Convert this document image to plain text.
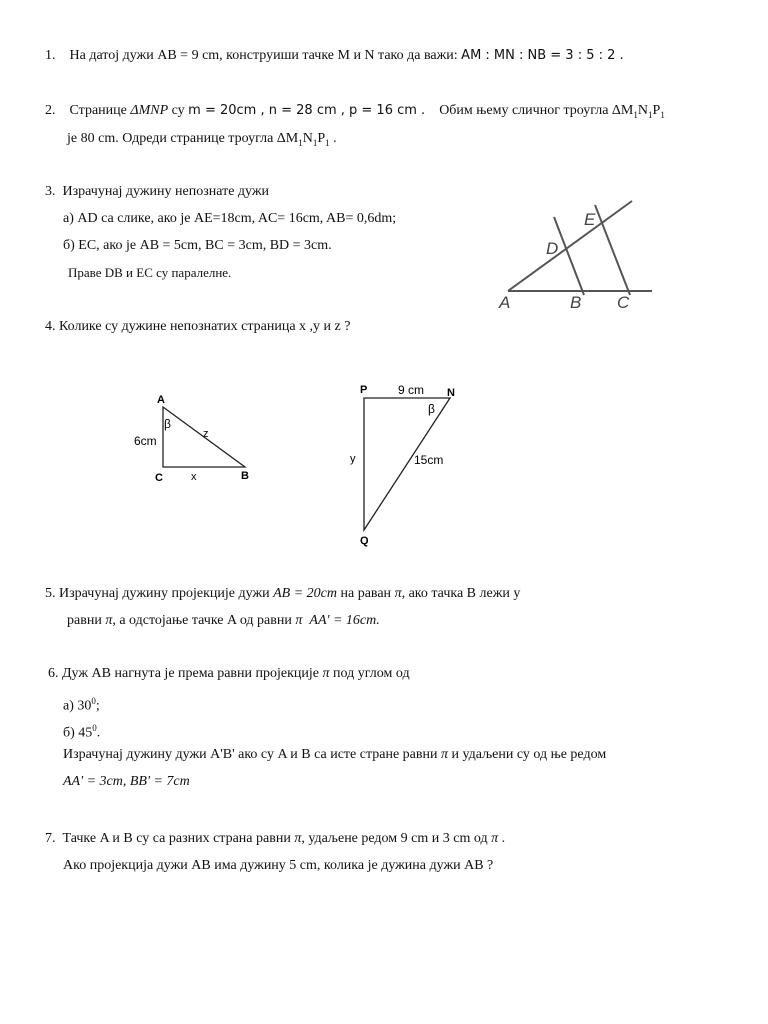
1. На датој дужи AB = 9 cm, конструиши тачке M и N тако да важи: AM : MN : NB = 3 : 5 : 2 .
2. Странице ΔMNP су m = 20cm , n = 28 cm , p = 16 cm . Обим њему сличног троугла $\Delta M_1N_1P_1$
је 80 cm. Одреди странице троугла $\Delta M_1N_1P_1$ .
3. Израчунај дужину непознате дужи
а) AD са слике, ако је AE=18cm, AC= 16cm, AB= 0,6dm;
б) EC, ако је AB = 5cm, BC = 3cm, BD = 3cm.
Праве DB и EC су паралелне.
A	B C
D
E
4. Колике су дужине непознатих страница x ,y и z ?
A
C	B
β
6cm	z
x
P	N
Q
9 cm
β
y	15cm
5. Израчунај дужину пројекције дужи AB = 20cm на раван π, ако тачка B лежи у
равни π, а одстојање тачке A од равни π AA' = 16cm.
6. Дуж AB нагнута је према равни пројекције π под углом од
а) $30^0$;
б) $45^0$.
Израчунај дужину дужи A'B' ако су A и B са исте стране равни π и удаљени су од ње редом
AA' = 3cm, BB' = 7cm
7. Тачке A и B су са разних страна равни π, удаљене редом 9 cm и 3 cm од π .
Ако пројекција дужи AB има дужину 5 cm, колика је дужина дужи AB ?
